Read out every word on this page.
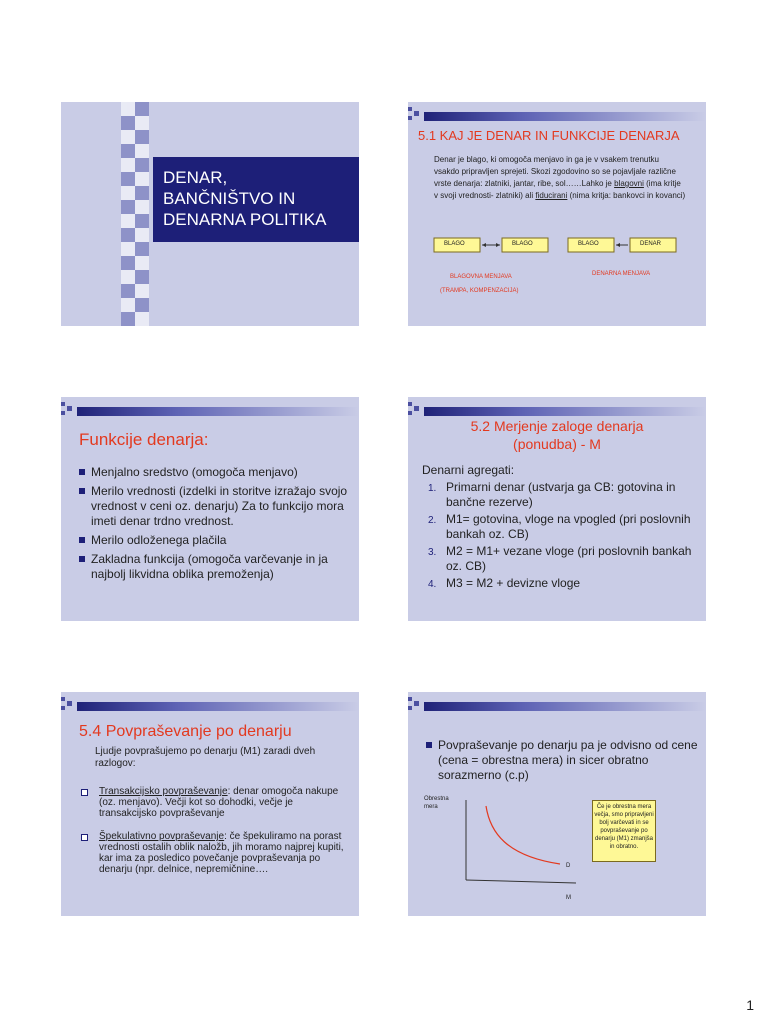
DENAR,
BANČNIŠTVO IN
DENARNA POLITIKA
5.1 KAJ JE DENAR IN FUNKCIJE DENARJA
Denar je blago, ki omogoča menjavo in ga je v vsakem trenutku vsakdo pripravljen sprejeti. Skozi zgodovino so se pojavljale različne vrste denarja: zlatniki, jantar, ribe, sol……Lahko je blagovni (ima kritje v svoji vrednosti- zlatniki) ali fiducirani (nima kritja: bankovci in kovanci)
BLAGO	BLAGO	BLAGO	DENAR
BLAGOVNA MENJAVA
(TRAMPA, KOMPENZACIJA)
DENARNA MENJAVA
Funkcije denarja:
Menjalno sredstvo (omogoča menjavo)
Merilo vrednosti (izdelki in storitve izražajo svojo vrednost v ceni oz. denarju) Za to funkcijo mora imeti denar trdno vrednost.
Merilo odloženega plačila
Zakladna funkcija (omogoča varčevanje in ja najbolj likvidna oblika premoženja)
5.2 Merjenje zaloge denarja
(ponudba) - M
Denarni agregati:
1. Primarni denar (ustvarja ga CB: gotovina in bančne rezerve)
2. M1= gotovina, vloge na vpogled (pri poslovnih bankah oz. CB)
3. M2 = M1+ vezane vloge (pri poslovnih bankah oz. CB)
4. M3 = M2 + devizne vloge
5.4 Povpraševanje po denarju
Ljudje povprašujemo po denarju (M1) zaradi dveh razlogov:
Transakcijsko povpraševanje: denar omogoča nakupe (oz. menjavo). Večji kot so dohodki, večje je transakcijsko povpraševanje
Špekulativno povpraševanje: če špekuliramo na porast vrednosti ostalih oblik naložb, jih moramo najprej kupiti, kar ima za posledico povečanje povpraševanja po denarju (npr. delnice, nepremičnine….
Povpraševanje po denarju pa je odvisno od cene (cena = obrestna mera) in sicer obratno sorazmerno (c.p)
Obrestna
mera
M
D
Če je obrestna mera večja, smo pripravljeni bolj varčevati in se povpraševanje po denarju (M1) zmanjša in obratno.
1
